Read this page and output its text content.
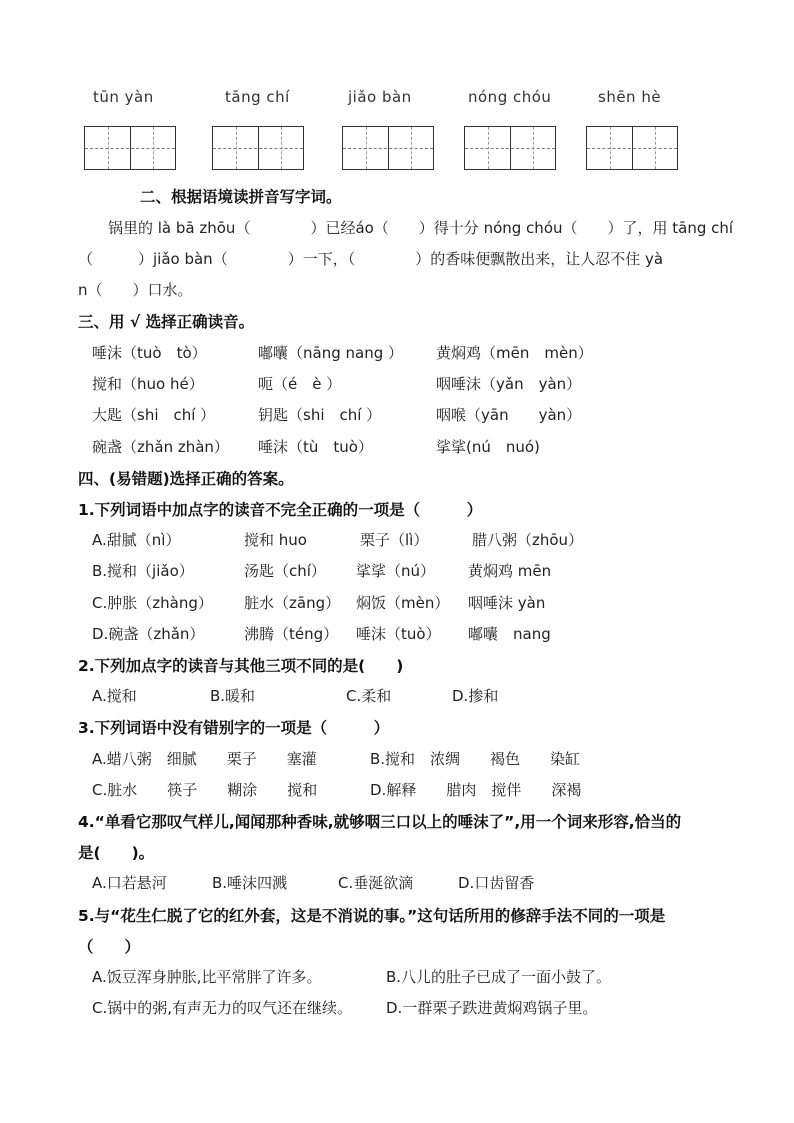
tūn yàn	tāng chí	jiǎo bàn	nóng chóu	shēn hè
二、根据语境读拼音写字词。
锅里的 là bā zhōu（　　　　）已经áo（　　）得十分 nóng chóu（　　）了，用 tāng chí
（　　　）jiǎo bàn（　　　　）一下，（　　　　）的香味便飘散出来，让人忍不住 yà
n（　　）口水。
三、用 √ 选择正确读音。
唾沫（tuò　tò）	嘟囔（nāng nang ） 黄焖鸡（mēn　mèn）
搅和（huo hé）	呃（é　è ）	咽唾沫（yǎn　yàn）
大匙（shi　chí ）	钥匙（shi　chí ）	咽喉（yān　　yàn）
碗盏（zhǎn zhàn） 唾沫（tù　tuò）	挲挲(nú　nuó)
四、(易错题)选择正确的答案。
1.下列词语中加点字的读音不完全正确的一项是（　　　）
A.甜腻（nì）	搅和 huo	栗子（lì）	腊八粥（zhōu）
B.搅和（jiǎo）	汤匙（chí） 挲挲（nú） 黄焖鸡 mēn
C.肿胀（zhàng） 脏水（zāng） 焖饭（mèn） 咽唾沫 yàn
D.碗盏（zhǎn）	沸腾（téng） 唾沫（tuò） 嘟囔　nang
2.下列加点字的读音与其他三项不同的是(　　)
A.搅和	B.暖和	C.柔和	D.掺和
3.下列词语中没有错别字的一项是（　　　）
A.蜡八粥　细腻　　栗子　　塞灌	B.搅和　浓绸　　褐色　　染缸
C.脏水　　筷子　　糊涂　　搅和	D.解释　　腊肉　搅伴　　深褐
4.“单看它那叹气样儿,闻闻那种香味,就够咽三口以上的唾沫了”,用一个词来形容,恰当的
是(　　)。
A.口若悬河	B.唾沫四溅	C.垂涎欲滴	D.口齿留香
5.与“花生仁脱了它的红外套，这是不消说的事。”这句话所用的修辞手法不同的一项是
（　　）
A.饭豆浑身肿胀,比平常胖了许多。	B.八儿的肚子已成了一面小鼓了。
C.锅中的粥,有声无力的叹气还在继续。 D.一群栗子跌进黄焖鸡锅子里。
